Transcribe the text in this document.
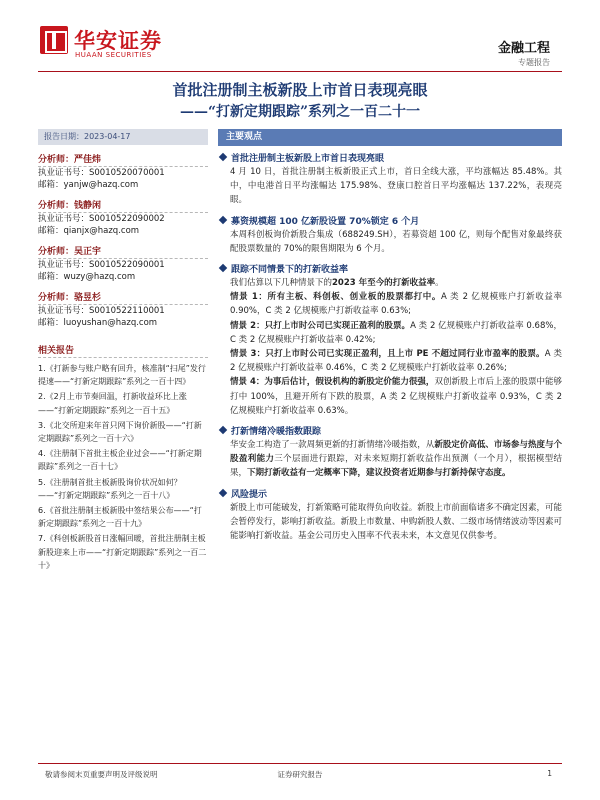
华安证券
HUAAN SECURITIES	金融工程
专题报告
首批注册制主板新股上市首日表现亮眼
——“打新定期跟踪”系列之一百二十一
报告日期：2023-04-17
分析师：严佳炜
执业证书号：S0010520070001
邮箱：yanjw@hazq.com
分析师：钱静闲
执业证书号：S0010522090002
邮箱：qianjx@hazq.com
分析师：吴正宇
执业证书号：S0010522090001
邮箱：wuzy@hazq.com
分析师：骆昱杉
执业证书号：S0010522110001
邮箱：luoyushan@hazq.com
相关报告
1.《打新参与账户略有回升，核准制“扫尾”发行提速——“打新定期跟踪”系列之一百十四》
2.《2月上市节奏回温，打新收益环比上涨——“打新定期跟踪”系列之一百十五》
3.《北交所迎来年首只网下询价新股——“打新定期跟踪”系列之一百十六》
4.《注册制下首批主板企业过会——“打新定期跟踪”系列之一百十七》
5.《注册制首批主板新股询价状况如何？——“打新定期跟踪”系列之一百十八》
6.《首批注册制主板新股中签结果公布——“打新定期跟踪”系列之一百十九》
7.《科创板新股首日涨幅回暖，首批注册制主板新股迎来上市——“打新定期跟踪”系列之一百二十》
主要观点
首批注册制主板新股上市首日表现亮眼
4 月 10 日，首批注册制主板新股正式上市，首日全线大涨，平均涨幅达 85.48%。其中，中电港首日平均涨幅达 175.98%、登康口腔首日平均涨幅达 137.22%，表现亮眼。
募资规模超 100 亿新股设置 70%锁定 6 个月
本周科创板询价新股合集成（688249.SH），若募资超 100 亿，则每个配售对象最终获配股票数量的 70%的限售期限为 6 个月。
跟踪不同情景下的打新收益率
我们估算以下几种情景下的2023 年至今的打新收益率。
情景 1：所有主板、科创板、创业板的股票都打中。A 类 2 亿规模账户打新收益率 0.90%，C 类 2 亿规模账户打新收益率 0.63%;
情景 2：只打上市时公司已实现正盈利的股票。A 类 2 亿规模账户打新收益率 0.68%，C 类 2 亿规模账户打新收益率 0.42%;
情景 3：只打上市时公司已实现正盈利，且上市 PE 不超过同行业市盈率的股票。A 类 2 亿规模账户打新收益率 0.46%，C 类 2 亿规模账户打新收益率 0.26%;
情景 4：为事后估计，假设机构的新股定价能力很强，双创新股上市后上涨的股票中能够打中 100%，且避开所有下跌的股票，A 类 2 亿规模账户打新收益率 0.93%，C 类 2 亿规模账户打新收益率 0.63%。
打新情绪冷暖指数跟踪
华安金工构造了一款周频更新的打新情绪冷暖指数，从新股定价高低、市场参与热度与个股盈利能力三个层面进行跟踪，对未来短期打新收益作出预测（一个月），根据模型结果，下期打新收益有一定概率下降，建议投资者近期参与打新持保守态度。
风险提示
新股上市可能破发，打新策略可能取得负向收益。新股上市前面临诸多不确定因素，可能会暂停发行，影响打新收益。新股上市数量、申购新股人数、二级市场情绪波动等因素可能影响打新收益。基金公司历史入围率不代表未来，本文意见仅供参考。
敬请参阅末页重要声明及评级说明	证券研究报告	1
